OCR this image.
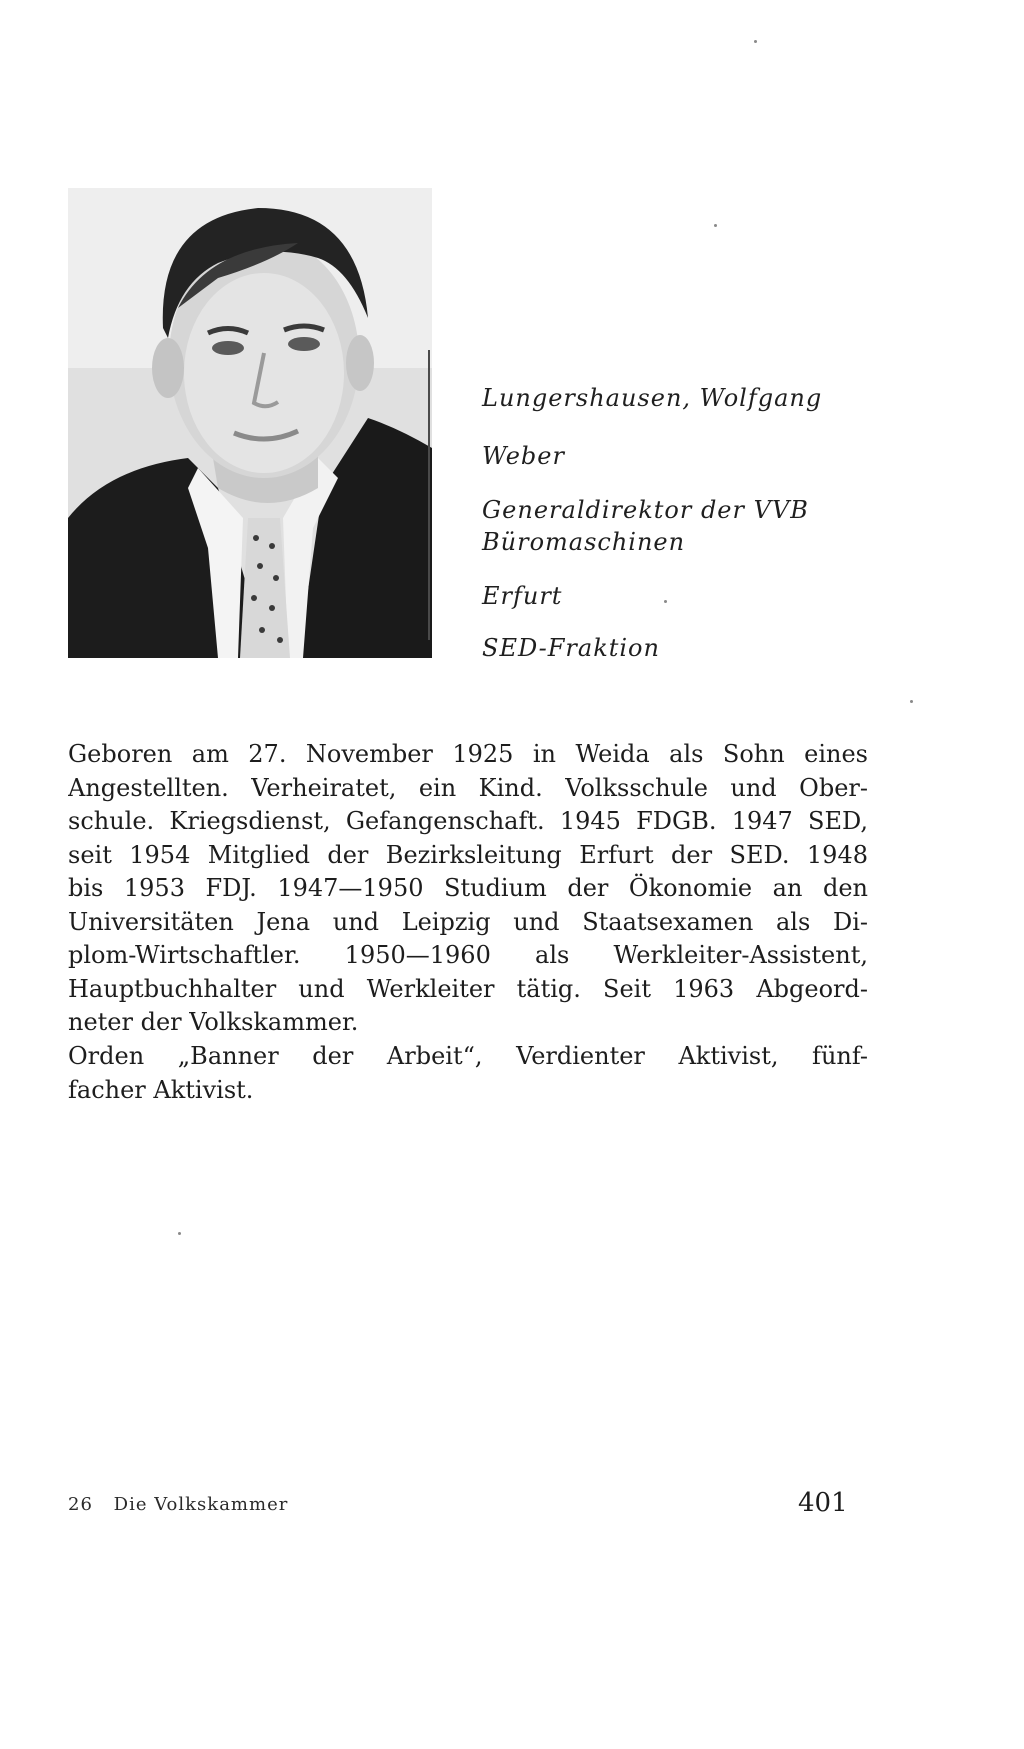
Lungershausen, Wolfgang
Weber
Generaldirektor der VVB
Büromaschinen
Erfurt
SED-Fraktion
Geboren am 27. November 1925 in Weida als Sohn eines
Angestellten. Verheiratet, ein Kind. Volksschule und Ober-
schule. Kriegsdienst, Gefangenschaft. 1945 FDGB. 1947 SED,
seit 1954 Mitglied der Bezirksleitung Erfurt der SED. 1948
bis 1953 FDJ. 1947—1950 Studium der Ökonomie an den
Universitäten Jena und Leipzig und Staatsexamen als Di-
plom-Wirtschaftler. 1950—1960 als Werkleiter-Assistent,
Hauptbuchhalter und Werkleiter tätig. Seit 1963 Abgeord-
neter der Volkskammer.
Orden „Banner der Arbeit“, Verdienter Aktivist, fünf-
facher Aktivist.
26 Die Volkskammer	401
